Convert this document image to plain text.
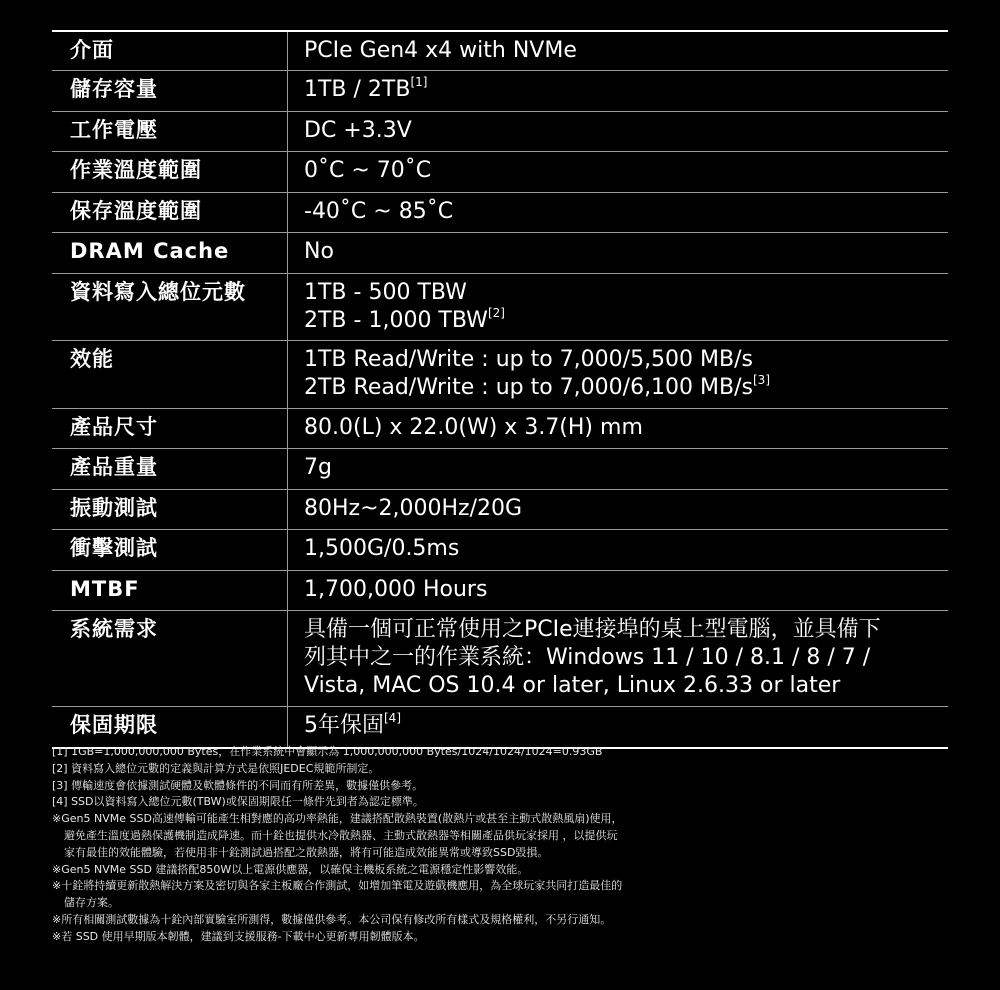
介面	PCIe Gen4 x4 with NVMe
儲存容量	1TB / 2TB[1]
工作電壓	DC +3.3V
作業溫度範圍	0˚C ~ 70˚C
保存溫度範圍	-40˚C ~ 85˚C
DRAM Cache	No
資料寫入總位元數	1TB - 500 TBW
2TB - 1,000 TBW[2]
效能	1TB Read/Write : up to 7,000/5,500 MB/s
2TB Read/Write : up to 7,000/6,100 MB/s[3]
產品尺寸	80.0(L) x 22.0(W) x 3.7(H) mm
產品重量	7g
振動測試	80Hz~2,000Hz/20G
衝擊測試	1,500G/0.5ms
MTBF	1,700,000 Hours
系統需求	具備一個可正常使用之PCIe連接埠的桌上型電腦，並具備下
列其中之一的作業系統：Windows 11 / 10 / 8.1 / 8 / 7 /
Vista, MAC OS 10.4 or later, Linux 2.6.33 or later
保固期限	5年保固[4]
[1] 1GB=1,000,000,000 Bytes，在作業系統中會顯示為 1,000,000,000 Bytes/1024/1024/1024=0.93GB
[2] 資料寫入總位元數的定義與計算方式是依照JEDEC規範所制定。
[3] 傳輸速度會依據測試硬體及軟體條件的不同而有所差異，數據僅供參考。
[4] SSD以資料寫入總位元數(TBW)或保固期限任一條件先到者為認定標準。
※Gen5 NVMe SSD高速傳輸可能產生相對應的高功率熱能，建議搭配散熱裝置(散熱片或甚至主動式散熱風扇)使用，
避免產生溫度過熱保護機制造成降速。而十銓也提供水冷散熱器、主動式散熱器等相關產品供玩家採用 ，以提供玩
家有最佳的效能體驗，若使用非十銓測試過搭配之散熱器，將有可能造成效能異常或導致SSD毀損。
※Gen5 NVMe SSD 建議搭配850W以上電源供應器，以確保主機板系統之電源穩定性影響效能。
※十銓將持續更新散熱解決方案及密切與各家主板廠合作測試，如增加筆電及遊戲機應用，為全球玩家共同打造最佳的
儲存方案。
※所有相關測試數據為十銓內部實驗室所測得，數據僅供參考。本公司保有修改所有樣式及規格權利，不另行通知。
※若 SSD 使用早期版本韌體，建議到支援服務-下載中心更新專用韌體版本。
